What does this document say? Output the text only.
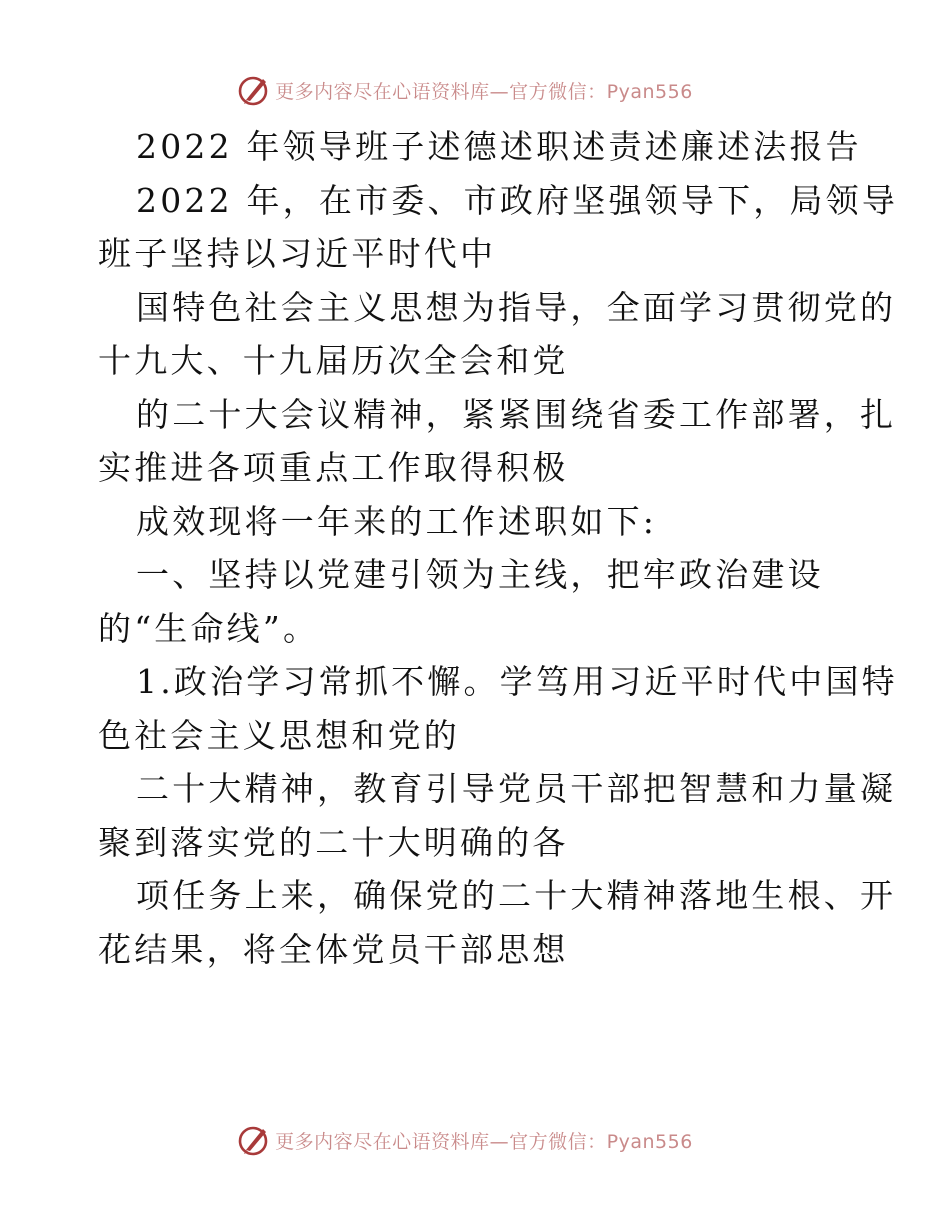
更多内容尽在心语资料库—官方微信：Pyan556
2022 年领导班子述德述职述责述廉述法报告
2022 年，在市委、市政府坚强领导下，局领导
班子坚持以习近平时代中
国特色社会主义思想为指导，全面学习贯彻党的
十九大、十九届历次全会和党
的二十大会议精神，紧紧围绕省委工作部署，扎
实推进各项重点工作取得积极
成效现将一年来的工作述职如下:
一、坚持以党建引领为主线，把牢政治建设
的“生命线”。
1.政治学习常抓不懈。学笃用习近平时代中国特
色社会主义思想和党的
二十大精神，教育引导党员干部把智慧和力量凝
聚到落实党的二十大明确的各
项任务上来，确保党的二十大精神落地生根、开
花结果，将全体党员干部思想
更多内容尽在心语资料库—官方微信：Pyan556
